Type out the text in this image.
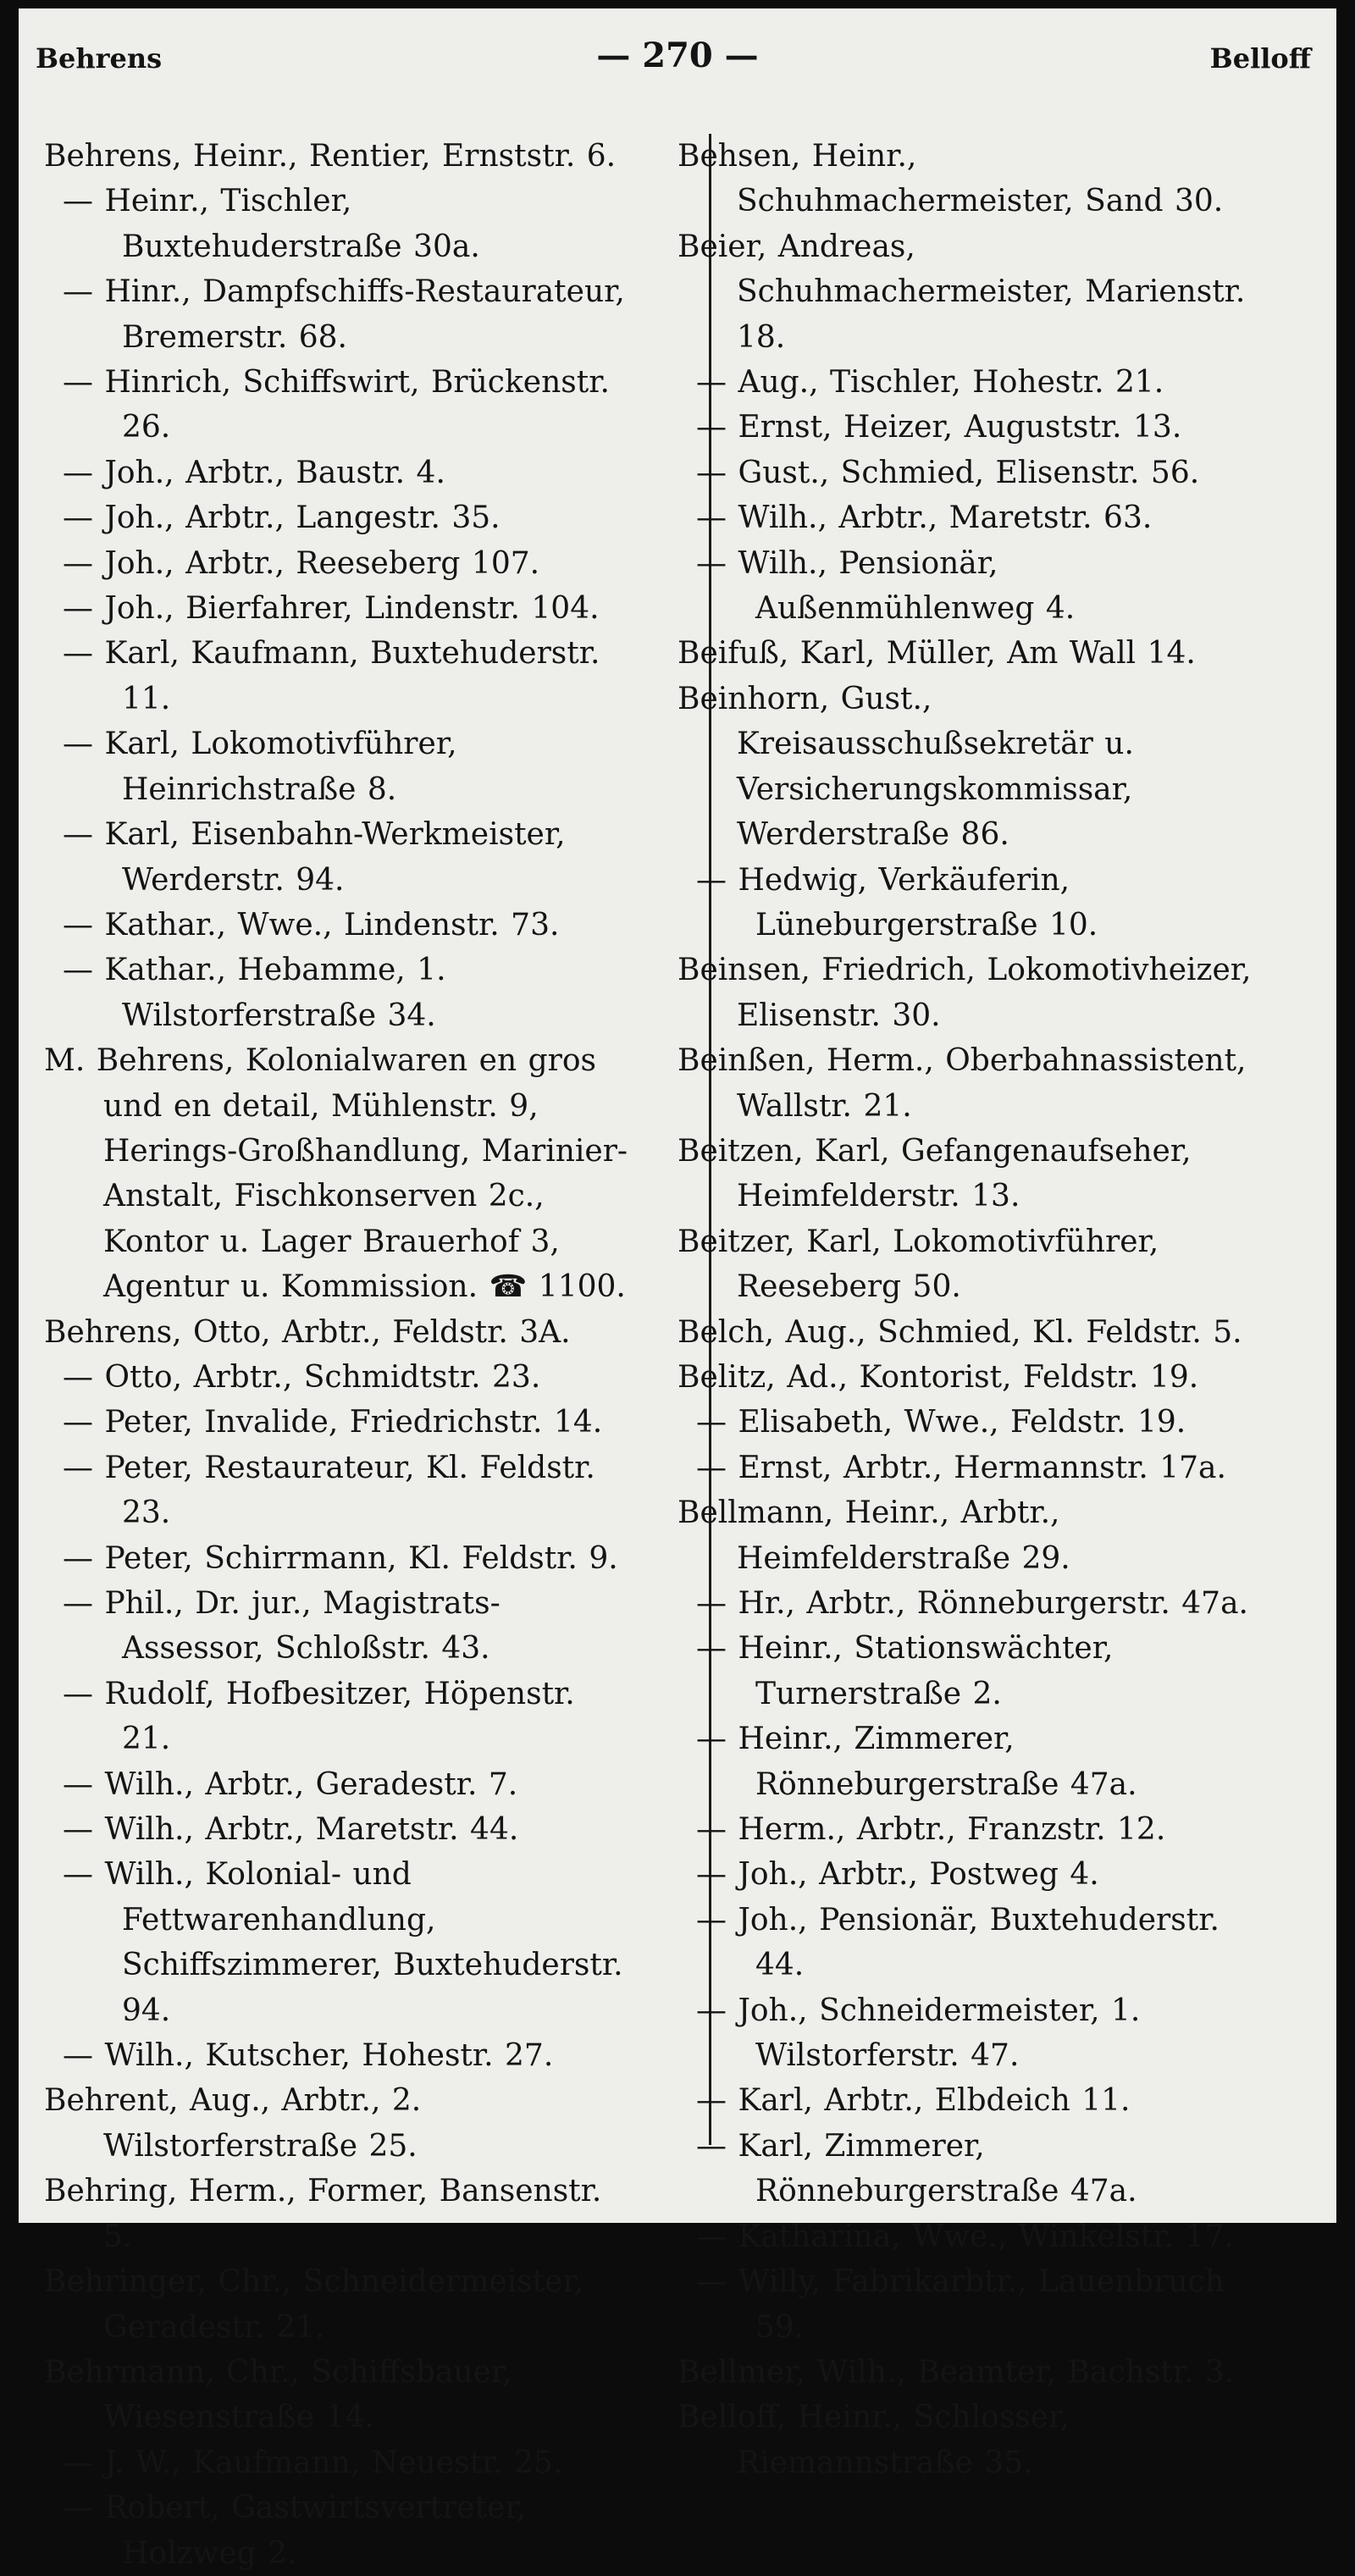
Behrens	— 270 —	Belloff

Behrens, Heinr., Rentier, Ernststr. 6.

— Heinr., Tischler, Buxtehuderstraße 30a.

— Hinr., Dampfschiffs-Restaurateur, Bremerstr. 68.

— Hinrich, Schiffswirt, Brückenstr. 26.

— Joh., Arbtr., Baustr. 4.

— Joh., Arbtr., Langestr. 35.

— Joh., Arbtr., Reeseberg 107.

— Joh., Bierfahrer, Lindenstr. 104.

— Karl, Kaufmann, Buxtehuderstr. 11.

— Karl, Lokomotivführer, Heinrichstraße 8.

— Karl, Eisenbahn-Werkmeister, Werderstr. 94.

— Kathar., Wwe., Lindenstr. 73.

— Kathar., Hebamme, 1. Wilstorferstraße 34.

M. Behrens, Kolonialwaren en gros und en detail, Mühlenstr. 9, Herings-Großhandlung, Marinier-Anstalt, Fischkonserven 2c., Kontor u. Lager Brauerhof 3, Agentur u. Kommission. ☎ 1100.

Behrens, Otto, Arbtr., Feldstr. 3A.

— Otto, Arbtr., Schmidtstr. 23.

— Peter, Invalide, Friedrichstr. 14.

— Peter, Restaurateur, Kl. Feldstr. 23.

— Peter, Schirrmann, Kl. Feldstr. 9.

— Phil., Dr. jur., Magistrats-Assessor, Schloßstr. 43.

— Rudolf, Hofbesitzer, Höpenstr. 21.

— Wilh., Arbtr., Geradestr. 7.

— Wilh., Arbtr., Maretstr. 44.

— Wilh., Kolonial- und Fettwarenhandlung, Schiffszimmerer, Buxtehuderstr. 94.

— Wilh., Kutscher, Hohestr. 27.

Behrent, Aug., Arbtr., 2. Wilstorferstraße 25.

Behring, Herm., Former, Bansenstr. 5.

Behringer, Chr., Schneidermeister, Geradestr. 21.

Behrmann, Chr., Schiffsbauer, Wiesenstraße 14.

— J. W., Kaufmann, Neuestr. 25.

— Robert, Gastwirtsvertreter, Holzweg 2.

Behsen, Heinr., Schuhmachermeister, Sand 30.

Beier, Andreas, Schuhmachermeister, Marienstr. 18.

— Aug., Tischler, Hohestr. 21.

— Ernst, Heizer, Auguststr. 13.

— Gust., Schmied, Elisenstr. 56.

— Wilh., Arbtr., Maretstr. 63.

— Wilh., Pensionär, Außenmühlenweg 4.

Beifuß, Karl, Müller, Am Wall 14.

Beinhorn, Gust., Kreisausschußsekretär u. Versicherungskommissar, Werderstraße 86.

— Hedwig, Verkäuferin, Lüneburgerstraße 10.

Beinsen, Friedrich, Lokomotivheizer, Elisenstr. 30.

Beinßen, Herm., Oberbahnassistent, Wallstr. 21.

Beitzen, Karl, Gefangenaufseher, Heimfelderstr. 13.

Beitzer, Karl, Lokomotivführer, Reeseberg 50.

Belch, Aug., Schmied, Kl. Feldstr. 5.

Belitz, Ad., Kontorist, Feldstr. 19.

— Elisabeth, Wwe., Feldstr. 19.

— Ernst, Arbtr., Hermannstr. 17a.

Bellmann, Heinr., Arbtr., Heimfelderstraße 29.

— Hr., Arbtr., Rönneburgerstr. 47a.

— Heinr., Stationswächter, Turnerstraße 2.

— Heinr., Zimmerer, Rönneburgerstraße 47a.

— Herm., Arbtr., Franzstr. 12.

— Joh., Arbtr., Postweg 4.

— Joh., Pensionär, Buxtehuderstr. 44.

— Joh., Schneidermeister, 1. Wilstorferstr. 47.

— Karl, Arbtr., Elbdeich 11.

— Karl, Zimmerer, Rönneburgerstraße 47a.

— Katharina, Wwe., Winkelstr. 17.

— Willy, Fabrikarbtr., Lauenbruch 59.

Bellmer, Wilh., Beamter, Bachstr. 3.

Belloff, Heinr., Schlosser, Riemannstraße 35.
